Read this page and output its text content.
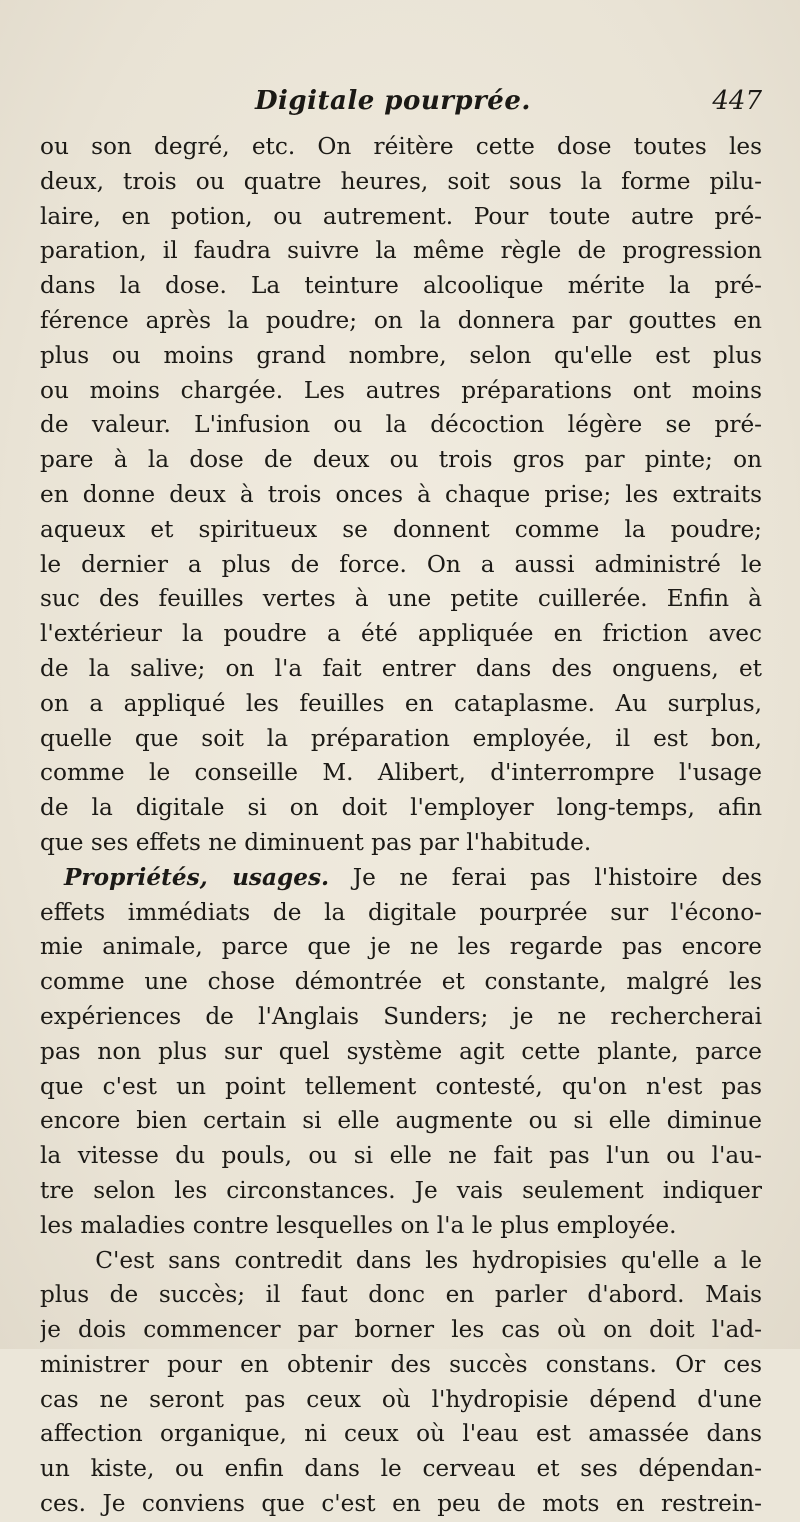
Digitale pourprée.	447
ou son degré, etc. On réitère cette dose toutes les
deux, trois ou quatre heures, soit sous la forme pilu-
laire, en potion, ou autrement. Pour toute autre pré-
paration, il faudra suivre la même règle de progression
dans la dose. La teinture alcoolique mérite la pré-
férence après la poudre; on la donnera par gouttes en
plus ou moins grand nombre, selon qu'elle est plus
ou moins chargée. Les autres préparations ont moins
de valeur. L'infusion ou la décoction légère se pré-
pare à la dose de deux ou trois gros par pinte; on
en donne deux à trois onces à chaque prise; les extraits
aqueux et spiritueux se donnent comme la poudre;
le dernier a plus de force. On a aussi administré le
suc des feuilles vertes à une petite cuillerée. Enfin à
l'extérieur la poudre a été appliquée en friction avec
de la salive; on l'a fait entrer dans des onguens, et
on a appliqué les feuilles en cataplasme. Au surplus,
quelle que soit la préparation employée, il est bon,
comme le conseille M. Alibert, d'interrompre l'usage
de la digitale si on doit l'employer long-temps, afin
que ses effets ne diminuent pas par l'habitude.
Propriétés, usages. Je ne ferai pas l'histoire des
effets immédiats de la digitale pourprée sur l'écono-
mie animale, parce que je ne les regarde pas encore
comme une chose démontrée et constante, malgré les
expériences de l'Anglais Sunders; je ne rechercherai
pas non plus sur quel système agit cette plante, parce
que c'est un point tellement contesté, qu'on n'est pas
encore bien certain si elle augmente ou si elle diminue
la vitesse du pouls, ou si elle ne fait pas l'un ou l'au-
tre selon les circonstances. Je vais seulement indiquer
les maladies contre lesquelles on l'a le plus employée.
C'est sans contredit dans les hydropisies qu'elle a le
plus de succès; il faut donc en parler d'abord. Mais
je dois commencer par borner les cas où on doit l'ad-
ministrer pour en obtenir des succès constans. Or ces
cas ne seront pas ceux où l'hydropisie dépend d'une
affection organique, ni ceux où l'eau est amassée dans
un kiste, ou enfin dans le cerveau et ses dépendan-
ces. Je conviens que c'est en peu de mots en restrein-
